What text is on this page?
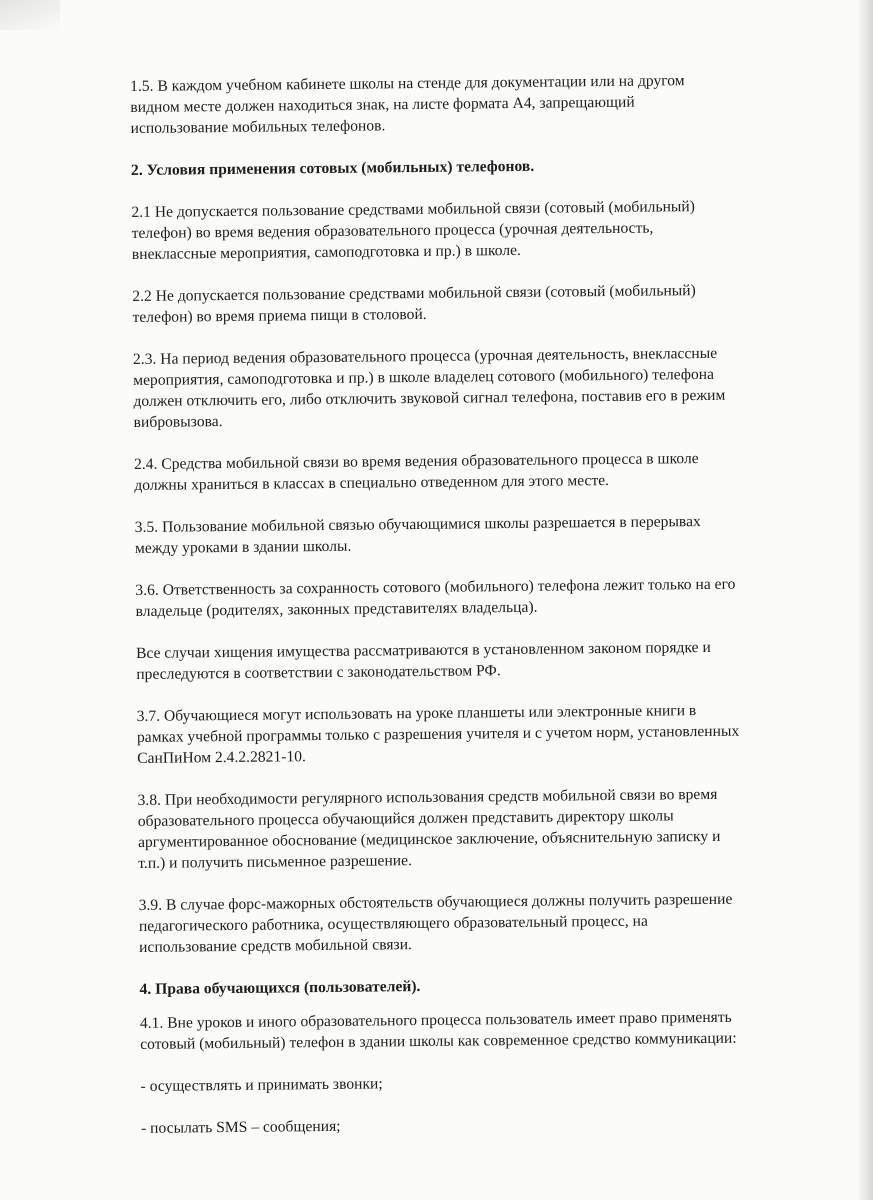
1.5. В каждом учебном кабинете школы на стенде для документации или на другом
видном месте должен находиться знак, на листе формата А4, запрещающий
использование мобильных телефонов.

2. Условия применения сотовых (мобильных) телефонов.

2.1 Не допускается пользование средствами мобильной связи (сотовый (мобильный)
телефон) во время ведения образовательного процесса (урочная деятельность,
внеклассные мероприятия, самоподготовка и пр.) в школе.

2.2 Не допускается пользование средствами мобильной связи (сотовый (мобильный)
телефон) во время приема пищи в столовой.

2.3. На период ведения образовательного процесса (урочная деятельность, внеклассные
мероприятия, самоподготовка и пр.) в школе владелец сотового (мобильного) телефона
должен отключить его, либо отключить звуковой сигнал телефона, поставив его в режим
вибровызова.

2.4. Средства мобильной связи во время ведения образовательного процесса в школе
должны храниться в классах в специально отведенном для этого месте.

3.5. Пользование мобильной связью обучающимися школы разрешается в перерывах
между уроками в здании школы.

3.6. Ответственность за сохранность сотового (мобильного) телефона лежит только на его
владельце (родителях, законных представителях владельца).

Все случаи хищения имущества рассматриваются в установленном законом порядке и
преследуются в соответствии с законодательством РФ.

3.7. Обучающиеся могут использовать на уроке планшеты или электронные книги в
рамках учебной программы только с разрешения учителя и с учетом норм, установленных
СанПиНом 2.4.2.2821-10.

3.8. При необходимости регулярного использования средств мобильной связи во время
образовательного процесса обучающийся должен представить директору школы
аргументированное обоснование (медицинское заключение, объяснительную записку и
т.п.) и получить письменное разрешение.

3.9. В случае форс-мажорных обстоятельств обучающиеся должны получить разрешение
педагогического работника, осуществляющего образовательный процесс, на
использование средств мобильной связи.

4. Права обучающихся (пользователей).

4.1. Вне уроков и иного образовательного процесса пользователь имеет право применять
сотовый (мобильный) телефон в здании школы как современное средство коммуникации:

- осуществлять и принимать звонки;

- посылать SMS – сообщения;
